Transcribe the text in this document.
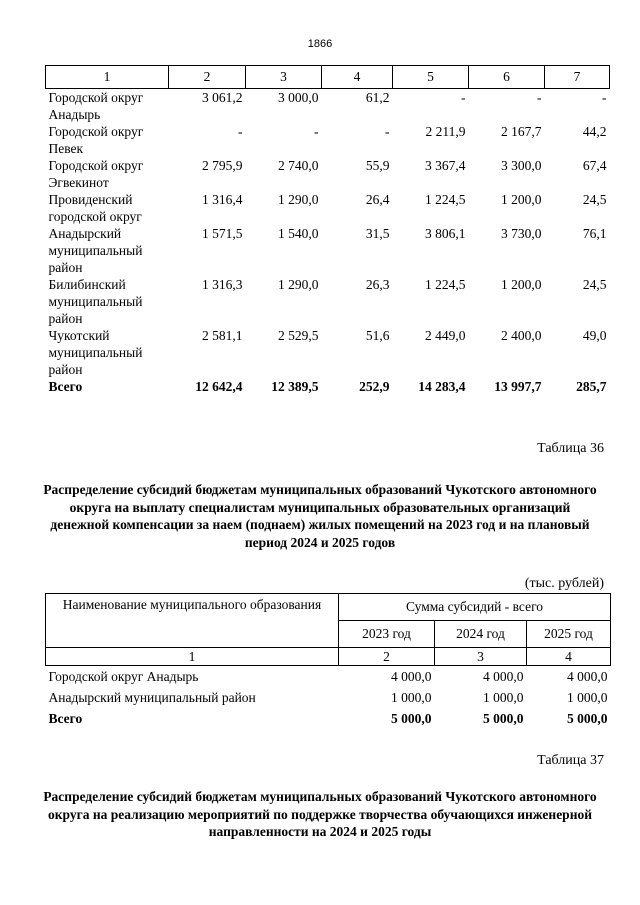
1866
1	2	3	4	5	6	7
Городской округ Анадырь	3 061,2	3 000,0	61,2	-	-	-
Городской округ Певек	-	-	-	2 211,9	2 167,7	44,2
Городской округ Эгвекинот	2 795,9	2 740,0	55,9	3 367,4	3 300,0	67,4
Провиденский городской округ	1 316,4	1 290,0	26,4	1 224,5	1 200,0	24,5
Анадырский муниципальный район	1 571,5	1 540,0	31,5	3 806,1	3 730,0	76,1
Билибинский муниципальный район	1 316,3	1 290,0	26,3	1 224,5	1 200,0	24,5
Чукотский муниципальный район	2 581,1	2 529,5	51,6	2 449,0	2 400,0	49,0
Всего	12 642,4	12 389,5	252,9	14 283,4	13 997,7	285,7
Таблица 36
Распределение субсидий бюджетам муниципальных образований Чукотского автономного округа на выплату специалистам муниципальных образовательных организаций денежной компенсации за наем (поднаем) жилых помещений на 2023 год и на плановый период 2024 и 2025 годов
(тыс. рублей)
Наименование муниципального образования	Сумма субсидий - всего		
	2023 год	2024 год	2025 год
1	2	3	4
Городской округ Анадырь	4 000,0	4 000,0	4 000,0
Анадырский муниципальный район	1 000,0	1 000,0	1 000,0
Всего	5 000,0	5 000,0	5 000,0
Таблица 37
Распределение субсидий бюджетам муниципальных образований Чукотского автономного округа на реализацию мероприятий по поддержке творчества обучающихся инженерной направленности на 2024 и 2025 годы
